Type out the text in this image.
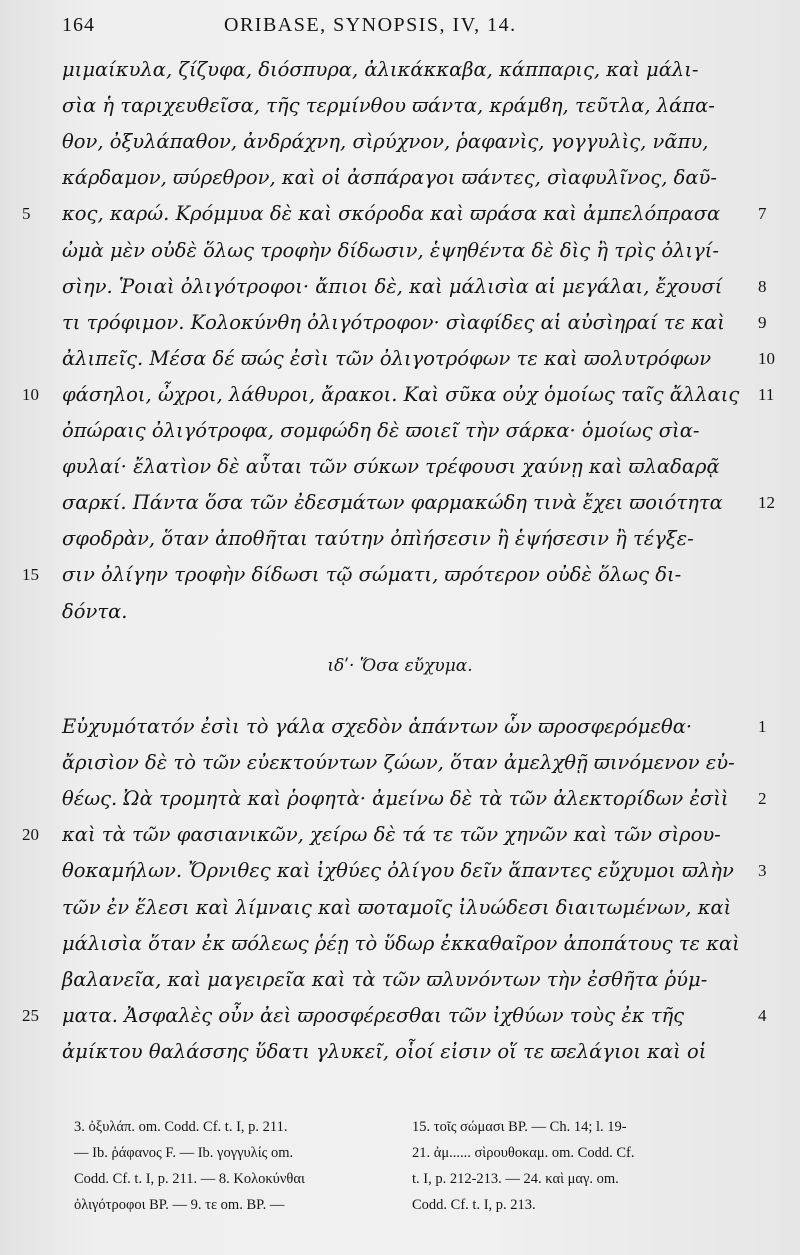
164	ORIBASE, SYNOPSIS, IV, 14.
μιμαίκυλα, ζίζυφα, διόσπυρα, ἀλικάκκαβα, κάππαρις, καὶ μάλι-
σὶα ἡ ταριχευθεῖσα, τῆς τερμίνθου ϖάντα, κράμϐη, τεῦτλα, λάπα-
θον, ὀξυλάπαθον, ἀνδράχνη, σὶρύχνον, ῥαφανὶς, γογγυλὶς, νᾶπυ,
κάρδαμον, ϖύρεθρον, καὶ οἱ ἀσπάραγοι ϖάντες, σὶαφυλῖνος, δαῦ-
κος, καρώ. Κρόμμυα δὲ καὶ σκόροδα καὶ ϖράσα καὶ ἀμπελόπρασα
5	7
ὠμὰ μὲν οὐδὲ ὅλως τροφὴν δίδωσιν, ἑψηθέντα δὲ δὶς ἢ τρὶς ὀλιγί-
σὶην. Ῥοιαὶ ὀλιγότροφοι· ἄπιοι δὲ, καὶ μάλισὶα αἱ μεγάλαι, ἔχουσί	8
τι τρόφιμον. Κολοκύνθη ὀλιγότροφον· σὶαφίδες αἱ αὐσὶηραί τε καὶ	9
ἀλιπεῖς. Μέσα δέ ϖώς ἐσὶι τῶν ὀλιγοτρόφων τε καὶ ϖολυτρόφων	10
φάσηλοι, ὦχροι, λάθυροι, ἄρακοι. Καὶ σῦκα οὐχ ὁμοίως ταῖς ἄλλαις
10	11
ὀπώραις ὀλιγότροφα, σομφώδη δὲ ϖοιεῖ τὴν σάρκα· ὁμοίως σὶα-
φυλαί· ἔλατὶον δὲ αὗται τῶν σύκων τρέφουσι χαύνῃ καὶ ϖλαδαρᾷ
σαρκί. Πάντα ὅσα τῶν ἐδεσμάτων φαρμακώδη τινὰ ἔχει ϖοιότητα	12
σφοδρὰν, ὅταν ἀποθῆται ταύτην ὀπὶήσεσιν ἢ ἑψήσεσιν ἢ τέγξε-
σιν ὀλίγην τροφὴν δίδωσι τῷ σώματι, ϖρότερον οὐδὲ ὅλως δι-
15
δόντα.
ιδʹ· Ὅσα εὔχυμα.
Εὐχυμότατόν ἐσὶι τὸ γάλα σχεδὸν ἁπάντων ὧν ϖροσφερόμεθα·	1
ἄρισὶον δὲ τὸ τῶν εὐεκτούντων ζώων, ὅταν ἀμελχθῇ ϖινόμενον εὐ-
θέως. Ὠὰ τρομητὰ καὶ ῥοφητὰ· ἀμείνω δὲ τὰ τῶν ἀλεκτορίδων ἐσὶὶ	2
καὶ τὰ τῶν φασιανικῶν, χείρω δὲ τά τε τῶν χηνῶν καὶ τῶν σὶρου-
20
θοκαμήλων. Ὄρνιθες καὶ ἰχθύες ὀλίγου δεῖν ἅπαντες εὔχυμοι ϖλὴν	3
τῶν ἐν ἕλεσι καὶ λίμναις καὶ ϖοταμοῖς ἰλυώδεσι διαιτωμένων, καὶ
μάλισὶα ὅταν ἐκ ϖόλεως ῥέῃ τὸ ὕδωρ ἐκκαθαῖρον ἀποπάτους τε καὶ
βαλανεῖα, καὶ μαγειρεῖα καὶ τὰ τῶν ϖλυνόντων τὴν ἐσθῆτα ῥύμ-
ματα. Ἀσφαλὲς οὖν ἀεὶ ϖροσφέρεσθαι τῶν ἰχθύων τοὺς ἐκ τῆς
25	4
ἀμίκτου θαλάσσης ὕδατι γλυκεῖ, οἷοί εἰσιν οἵ τε ϖελάγιοι καὶ οἱ
3. ὀξυλάπ. om. Codd. Cf. t. I, p. 211.
— Ib. ῥάφανος F. — Ib. γογγυλίς om.
Codd. Cf. t. I, p. 211. — 8. Κολοκύνθαι
ὀλιγότροφοι BP. — 9. τε om. BP. —
15. τοῖς σώμασι BP. — Ch. 14; l. 19-
21. ἀμ...... σὶρουθοκαμ. om. Codd. Cf.
t. I, p. 212-213. — 24. καὶ μαγ. om.
Codd. Cf. t. I, p. 213.
